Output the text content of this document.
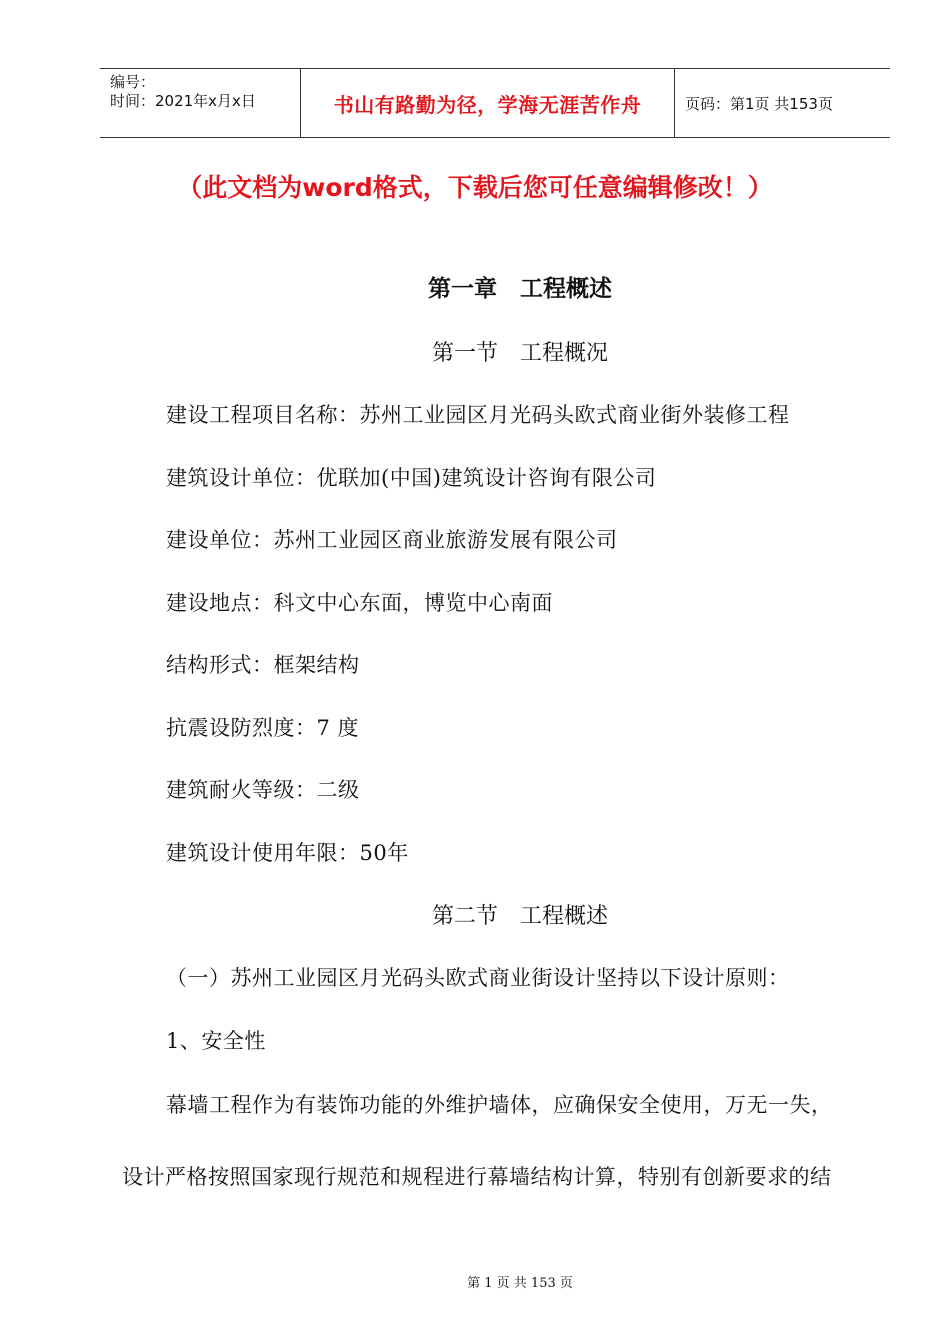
编号：
时间：2021年x月x日	书山有路勤为径，学海无涯苦作舟	页码：第1页 共153页
（此文档为word格式，下载后您可任意编辑修改！）
第一章　工程概述
第一节　工程概况
建设工程项目名称：苏州工业园区月光码头欧式商业街外装修工程
建筑设计单位：优联加(中国)建筑设计咨询有限公司
建设单位：苏州工业园区商业旅游发展有限公司
建设地点：科文中心东面，博览中心南面
结构形式：框架结构
抗震设防烈度：7 度
建筑耐火等级：二级
建筑设计使用年限：50年
第二节　工程概述
（一）苏州工业园区月光码头欧式商业街设计坚持以下设计原则：
1、安全性
幕墙工程作为有装饰功能的外维护墙体，应确保安全使用，万无一失，
设计严格按照国家现行规范和规程进行幕墙结构计算，特别有创新要求的结
第 1 页 共 153 页
